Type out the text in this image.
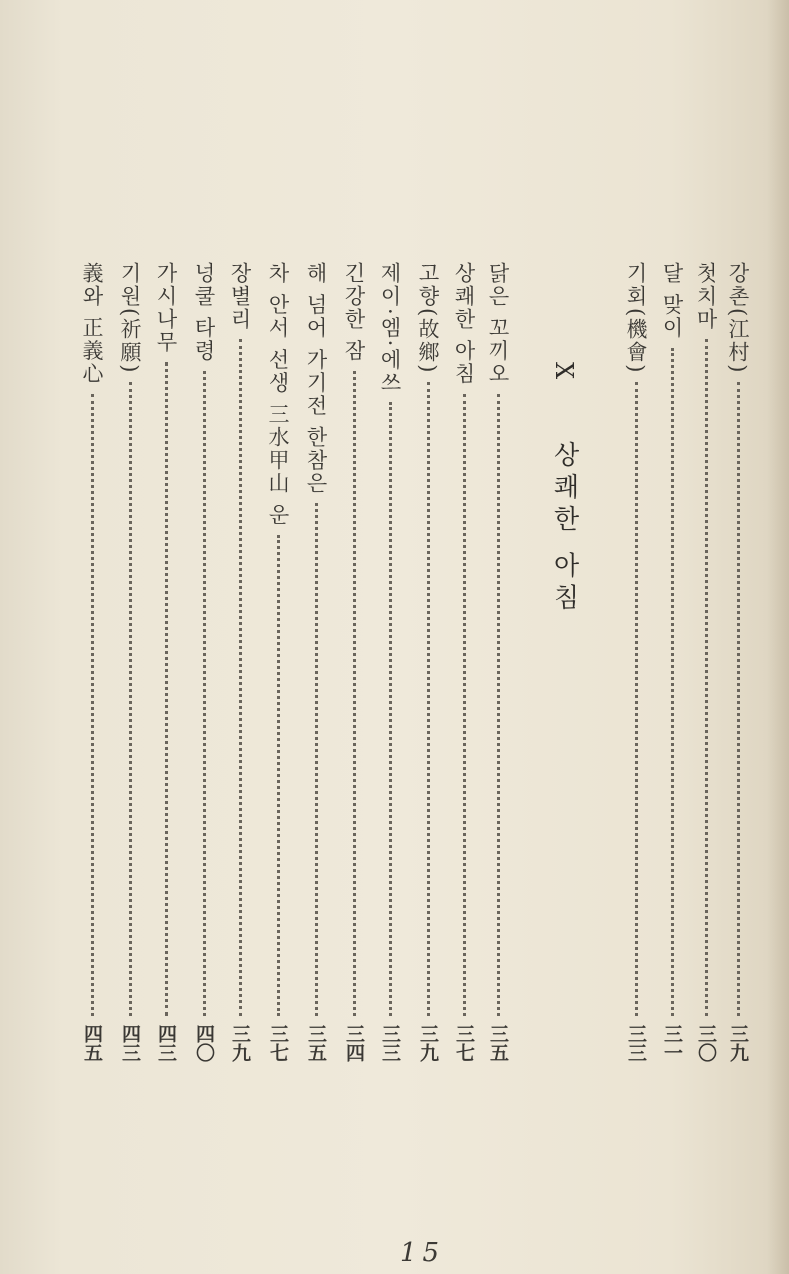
강촌(江村)
三九
첫치마
三〇
달 맞이
三一
기회(機會)
三三
X 상쾌한 아침
닭은 꼬끼오
三五
상쾌한 아침
三七
고향(故鄉)
三九
제이·엠·에쓰
三三
긴강한 잠
三四
해 넘어 가기전 한참은
三五
차 안서 선생 三水甲山 운
三七
장별리
三九
넝쿨 타령
四〇
가시나무
四三
기원(祈願)
四三
義와 正義心
四五
15
